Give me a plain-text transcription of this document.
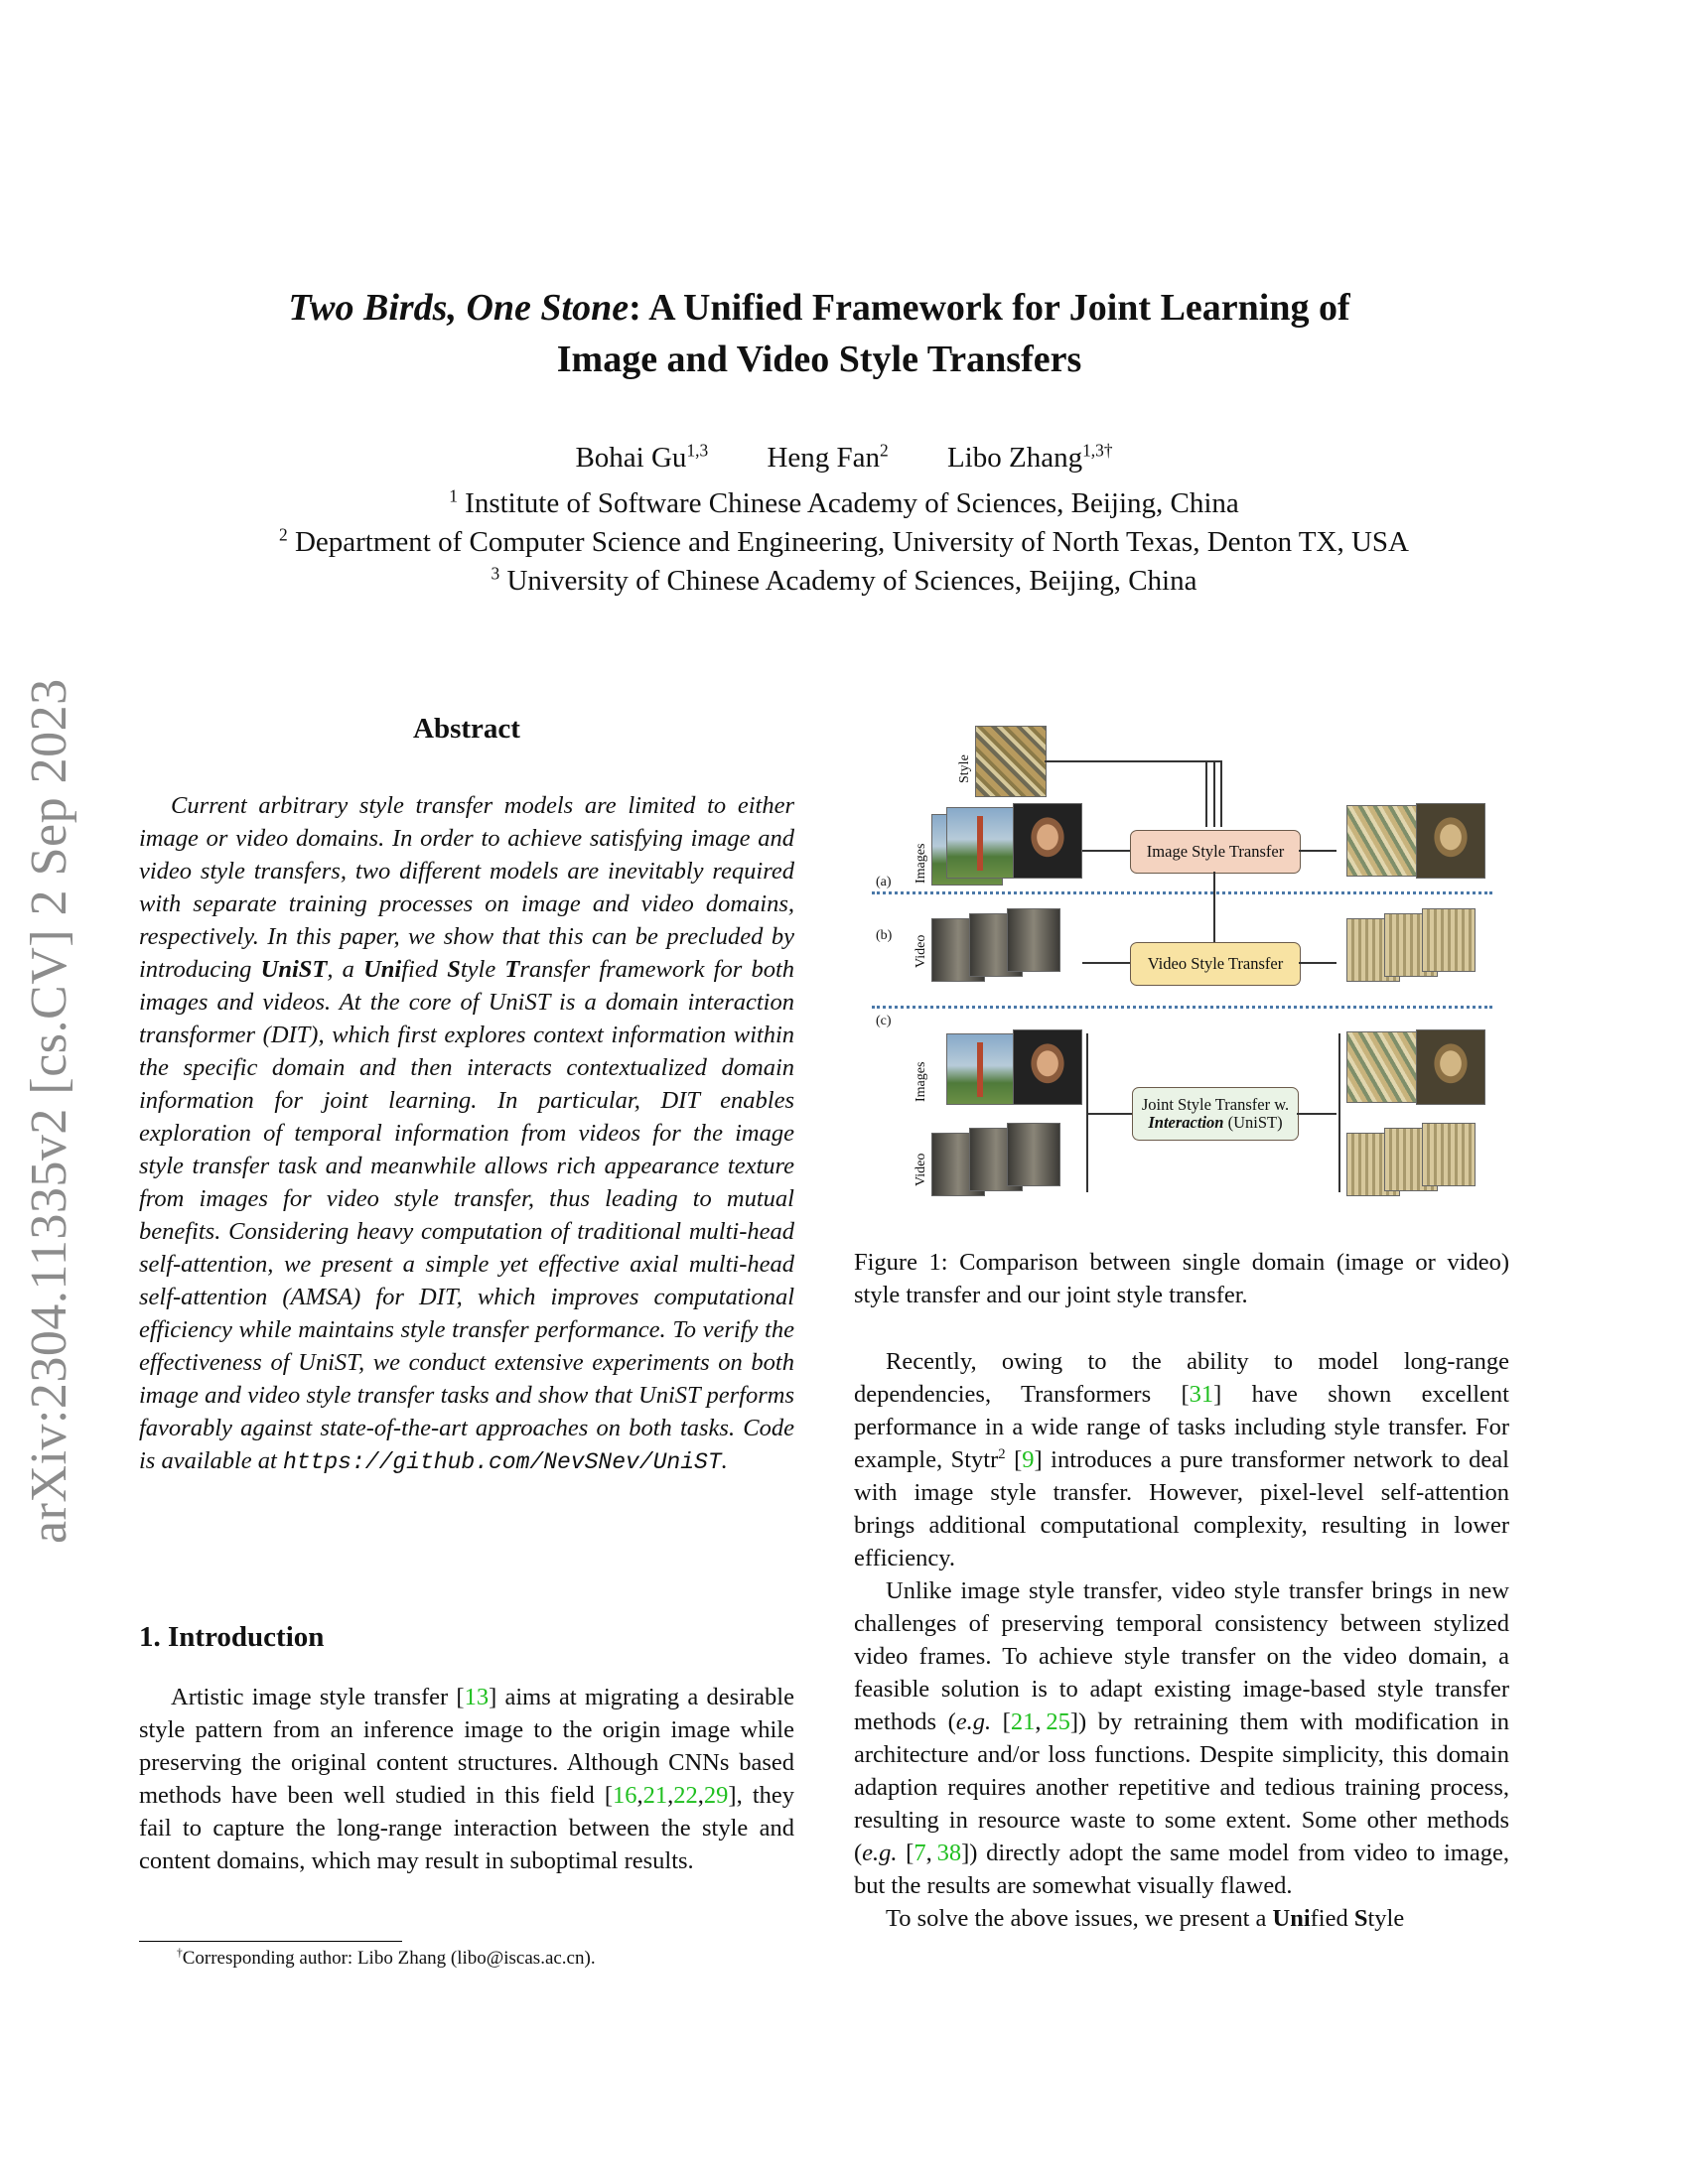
arXiv:2304.11335v2 [cs.CV] 2 Sep 2023
Two Birds, One Stone: A Unified Framework for Joint Learning of
Image and Video Style Transfers
Bohai Gu$^{1,3}$ Heng Fan$^2$ Libo Zhang$^{1,3\dagger}$
$^1$ Institute of Software Chinese Academy of Sciences, Beijing, China
$^2$ Department of Computer Science and Engineering, University of North Texas, Denton TX, USA
$^3$ University of Chinese Academy of Sciences, Beijing, China
Abstract

Current arbitrary style transfer models are limited to either image or video domains. In order to achieve satisfying image and video style transfers, two different models are inevitably required with separate training processes on image and video domains, respectively. In this paper, we show that this can be precluded by introducing UniST, a Unified Style Transfer framework for both images and videos. At the core of UniST is a domain interaction transformer (DIT), which first explores context information within the specific domain and then interacts contextualized domain information for joint learning. In particular, DIT enables exploration of temporal information from videos for the image style transfer task and meanwhile allows rich appearance texture from images for video style transfer, thus leading to mutual benefits. Considering heavy computation of traditional multi-head self-attention, we present a simple yet effective axial multi-head self-attention (AMSA) for DIT, which improves computational efficiency while maintains style transfer performance. To verify the effectiveness of UniST, we conduct extensive experiments on both image and video style transfer tasks and show that UniST performs favorably against state-of-the-art approaches on both tasks. Code is available at https://github.com/NevSNev/UniST.

1. Introduction

Artistic image style transfer [13] aims at migrating a desirable style pattern from an inference image to the origin image while preserving the original content structures. Although CNNs based methods have been well studied in this field [16,21,22,29], they fail to capture the long-range interaction between the style and content domains, which may result in suboptimal results.

†Corresponding author: Libo Zhang (libo@iscas.ac.cn).
Style
Images	Image Style Transfer
(a)
(b) Video	Video Style Transfer
(c)
Images
Video
Joint Style Transfer w.
Interaction (UniST)
Figure 1: Comparison between single domain (image or video) style transfer and our joint style transfer.

Recently, owing to the ability to model long-range dependencies, Transformers [31] have shown excellent performance in a wide range of tasks including style transfer. For example, Stytr$^2$ [9] introduces a pure transformer network to deal with image style transfer. However, pixel-level self-attention brings additional computational complexity, resulting in lower efficiency.

Unlike image style transfer, video style transfer brings in new challenges of preserving temporal consistency between stylized video frames. To achieve style transfer on the video domain, a feasible solution is to adapt existing image-based style transfer methods (e.g. [21, 25]) by retraining them with modification in architecture and/or loss functions. Despite simplicity, this domain adaption requires another repetitive and tedious training process, resulting in resource waste to some extent. Some other methods (e.g. [7, 38]) directly adopt the same model from video to image, but the results are somewhat visually flawed.

To solve the above issues, we present a Unified Style
